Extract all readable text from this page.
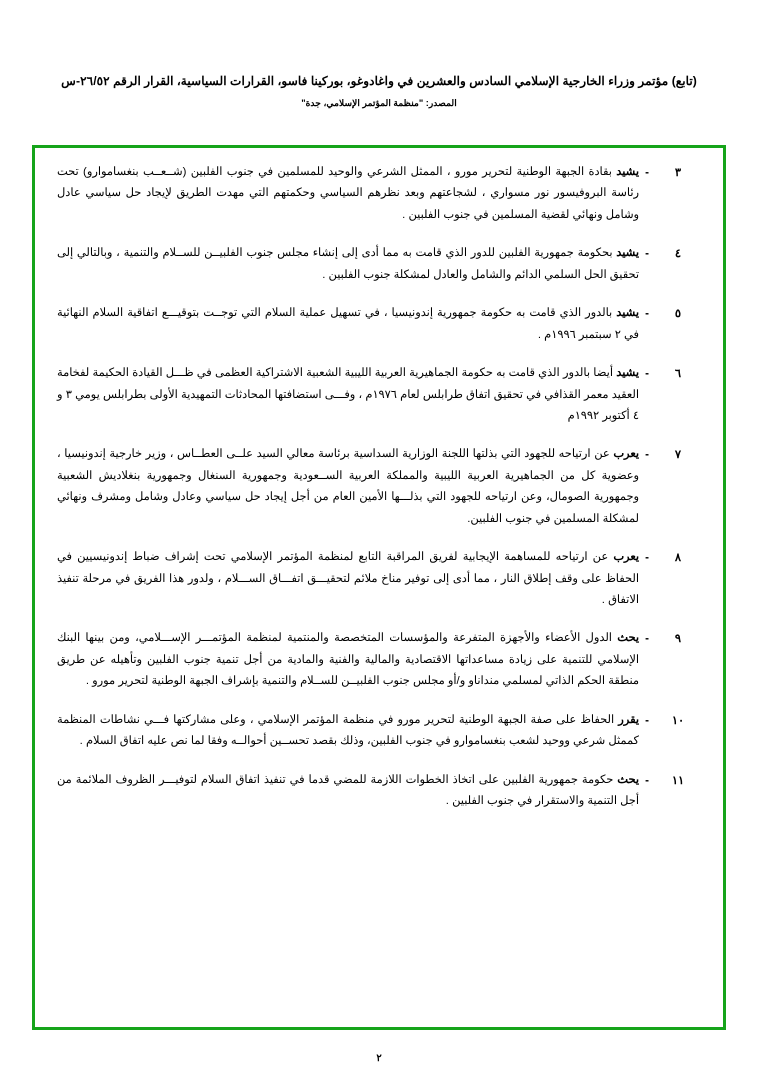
(تابع) مؤتمر وزراء الخارجية الإسلامي السادس والعشرين في واغادوغو، بوركينا فاسو، القرارات السياسية، القرار الرقم ٢٦/٥٢-س
المصدر: "منظمة المؤتمر الإسلامي، جدة"
٣
-
يشيد بقادة الجبهة الوطنية لتحرير مورو ، الممثل الشرعي والوحيد للمسلمين في جنوب الفلبين (شــعــب بنغساموارو) تحت رئاسة البروفيسور نور مسواري ، لشجاعتهم وبعد نظرهم السياسي وحكمتهم التي مهدت الطريق لإيجاد حل سياسي عادل وشامل ونهائي لقضية المسلمين في جنوب الفلبين .
٤
-
يشيد بحكومة جمهورية الفلبين للدور الذي قامت به مما أدى إلى إنشاء مجلس جنوب الفلبيــن للســلام والتنمية ، وبالتالي إلى تحقيق الحل السلمي الدائم والشامل والعادل لمشكلة جنوب الفلبين .
٥
-
يشيد بالدور الذي قامت به حكومة جمهورية إندونيسيا ، في تسهيل عملية السلام التي توجــت بتوقيـــع اتفاقية السلام النهائية في ٢ سبتمبر ١٩٩٦م .
٦
-
يشيد أيضا بالدور الذي قامت به حكومة الجماهيرية العربية الليبية الشعبية الاشتراكية العظمى في ظـــل القيادة الحكيمة لفخامة العقيد معمر القذافي في تحقيق اتفاق طرابلس لعام ١٩٧٦م ، وفـــى استضافتها المحادثات التمهيدية الأولى بطرابلس يومي ٣ و ٤ أكتوبر ١٩٩٢م
٧
-
يعرب عن ارتياحه للجهود التي بذلتها اللجنة الوزارية السداسية برئاسة معالي السيد علــى العطــاس ، وزير خارجية إندونيسيا ، وعضوية كل من الجماهيرية العربية الليبية والمملكة العربية الســعودية وجمهورية السنغال وجمهورية بنغلاديش الشعبية وجمهورية الصومال، وعن ارتياحه للجهود التي بذلـــها الأمين العام من أجل إيجاد حل سياسي وعادل وشامل ومشرف ونهائي لمشكلة المسلمين في جنوب الفلبين.
٨
-
يعرب عن ارتياحه للمساهمة الإيجابية لفريق المراقبة التابع لمنظمة المؤتمر الإسلامي تحت إشراف ضباط إندونيسيين في الحفاظ على وقف إطلاق النار ، مما أدى إلى توفير مناخ ملائم لتحقيـــق اتفـــاق الســـلام ، ولدور هذا الفريق في مرحلة تنفيذ الاتفاق .
٩
-
يحث الدول الأعضاء والأجهزة المتفرعة والمؤسسات المتخصصة والمنتمية لمنظمة المؤتمـــر الإســـلامي، ومن بينها البنك الإسلامي للتنمية على زيادة مساعداتها الاقتصادية والمالية والفنية والمادية من أجل تنمية جنوب الفلبين وتأهيله عن طريق منطقة الحكم الذاتي لمسلمي منداناو و/أو مجلس جنوب الفلبيــن للســلام والتنمية بإشراف الجبهة الوطنية لتحرير مورو .
١٠
-
يقرر الحفاظ على صفة الجبهة الوطنية لتحرير مورو في منظمة المؤتمر الإسلامي ، وعلى مشاركتها فـــي نشاطات المنظمة كممثل شرعي ووحيد لشعب بنغساموارو في جنوب الفلبين، وذلك بقصد تحســين أحوالــه وفقا لما نص عليه اتفاق السلام .
١١
-
يحث حكومة جمهورية الفلبين على اتخاذ الخطوات اللازمة للمضي قدما في تنفيذ اتفاق السلام لتوفيـــر الظروف الملائمة من أجل التنمية والاستقرار في جنوب الفلبين .
٢
